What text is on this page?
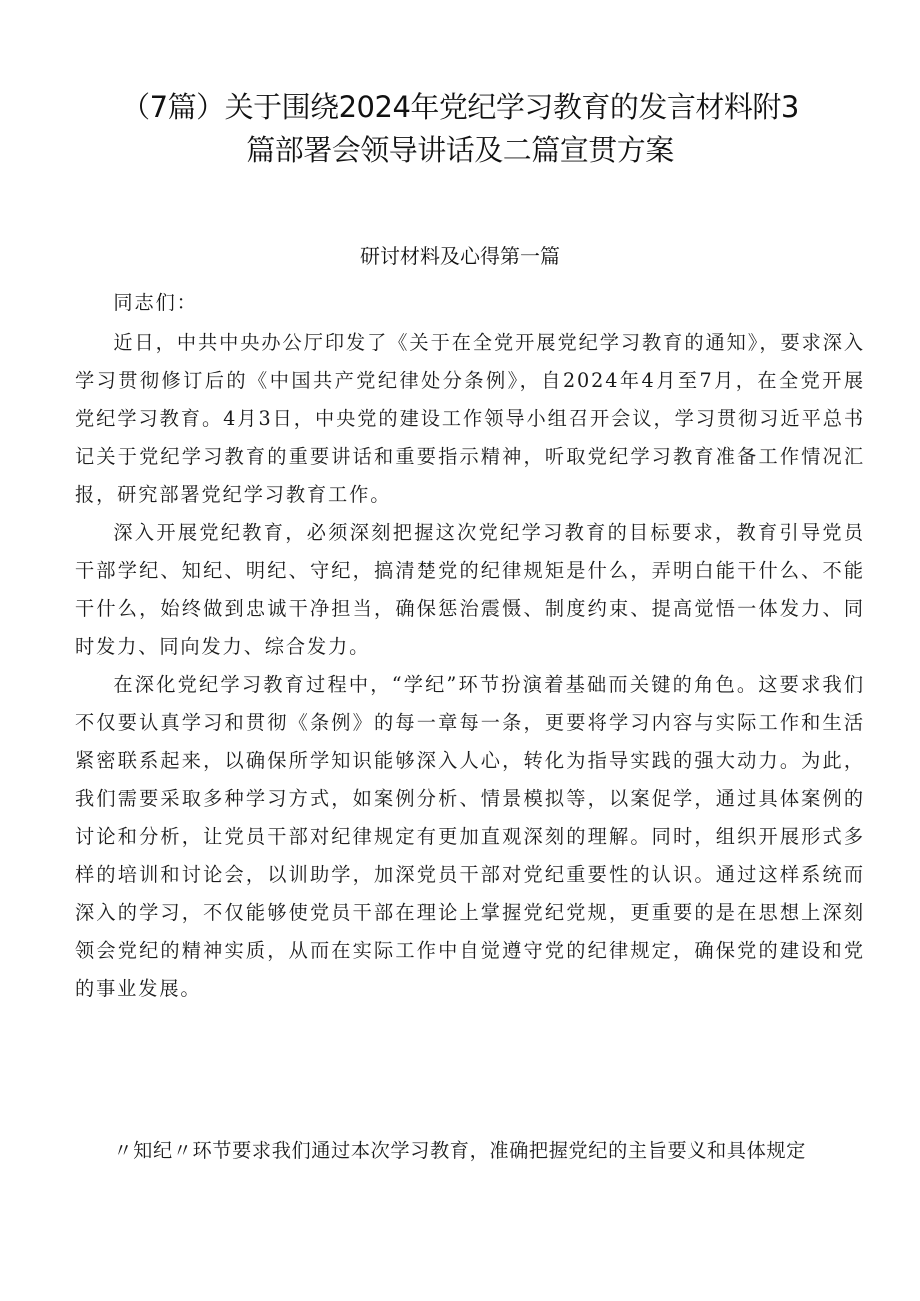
（7篇）关于围绕2024年党纪学习教育的发言材料附3
篇部署会领导讲话及二篇宣贯方案
研讨材料及心得第一篇

同志们：

近日，中共中央办公厅印发了《关于在全党开展党纪学习教育的通知》，要求深入学习贯彻修订后的《中国共产党纪律处分条例》，自2024年4月至7月，在全党开展党纪学习教育。4月3日，中央党的建设工作领导小组召开会议，学习贯彻习近平总书记关于党纪学习教育的重要讲话和重要指示精神，听取党纪学习教育准备工作情况汇报，研究部署党纪学习教育工作。

深入开展党纪教育，必须深刻把握这次党纪学习教育的目标要求，教育引导党员干部学纪、知纪、明纪、守纪，搞清楚党的纪律规矩是什么，弄明白能干什么、不能干什么，始终做到忠诚干净担当，确保惩治震慑、制度约束、提高觉悟一体发力、同时发力、同向发力、综合发力。

在深化党纪学习教育过程中，“学纪”环节扮演着基础而关键的角色。这要求我们不仅要认真学习和贯彻《条例》的每一章每一条，更要将学习内容与实际工作和生活紧密联系起来，以确保所学知识能够深入人心，转化为指导实践的强大动力。为此，我们需要采取多种学习方式，如案例分析、情景模拟等，以案促学，通过具体案例的讨论和分析，让党员干部对纪律规定有更加直观深刻的理解。同时，组织开展形式多样的培训和讨论会，以训助学，加深党员干部对党纪重要性的认识。通过这样系统而深入的学习，不仅能够使党员干部在理论上掌握党纪党规，更重要的是在思想上深刻领会党纪的精神实质，从而在实际工作中自觉遵守党的纪律规定，确保党的建设和党的事业发展。

〃知纪〃环节要求我们通过本次学习教育，准确把握党纪的主旨要义和具体规定
